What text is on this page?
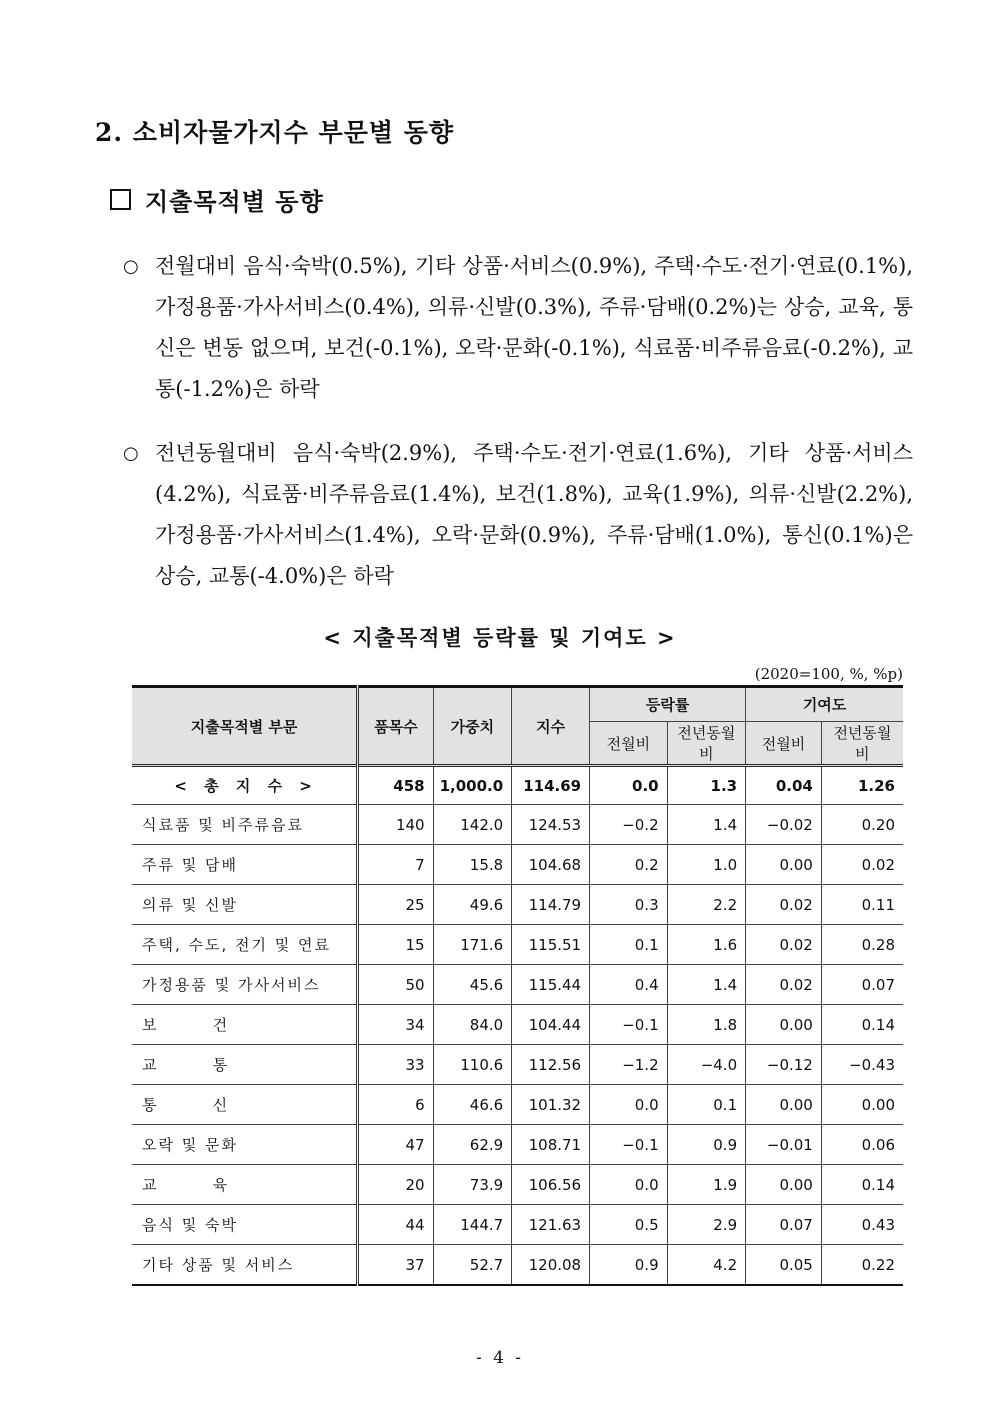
2. 소비자물가지수 부문별 동향
지출목적별 동향
○ 전월대비 음식·숙박(0.5%), 기타 상품·서비스(0.9%), 주택·수도·전기·연료(0.1%), 가정용품·가사서비스(0.4%), 의류·신발(0.3%), 주류·담배(0.2%)는 상승, 교육, 통신은 변동 없으며, 보건(-0.1%), 오락·문화(-0.1%), 식료품·비주류음료(-0.2%), 교통(-1.2%)은 하락
○ 전년동월대비 음식·숙박(2.9%), 주택·수도·전기·연료(1.6%), 기타 상품·서비스(4.2%), 식료품·비주류음료(1.4%), 보건(1.8%), 교육(1.9%), 의류·신발(2.2%), 가정용품·가사서비스(1.4%), 오락·문화(0.9%), 주류·담배(1.0%), 통신(0.1%)은 상승, 교통(-4.0%)은 하락
< 지출목적별 등락률 및 기여도 >
(2020=100, %, %p)
지출목적별 부문	품목수	가중치	지수	등락률		기여도	
				전월비	전년동월비	전월비	전년동월비
< 총 지 수 >	458	1,000.0	114.69	0.0	1.3	0.04	1.26
식료품 및 비주류음료	140	142.0	124.53	−0.2	1.4	−0.02	0.20
주류 및 담배	7	15.8	104.68	0.2	1.0	0.00	0.02
의류 및 신발	25	49.6	114.79	0.3	2.2	0.02	0.11
주택, 수도, 전기 및 연료	15	171.6	115.51	0.1	1.6	0.02	0.28
가정용품 및 가사서비스	50	45.6	115.44	0.4	1.4	0.02	0.07
보        건	34	84.0	104.44	−0.1	1.8	0.00	0.14
교        통	33	110.6	112.56	−1.2	−4.0	−0.12	−0.43
통        신	6	46.6	101.32	0.0	0.1	0.00	0.00
오락 및 문화	47	62.9	108.71	−0.1	0.9	−0.01	0.06
교        육	20	73.9	106.56	0.0	1.9	0.00	0.14
음식 및 숙박	44	144.7	121.63	0.5	2.9	0.07	0.43
기타 상품 및 서비스	37	52.7	120.08	0.9	4.2	0.05	0.22
- 4 -
